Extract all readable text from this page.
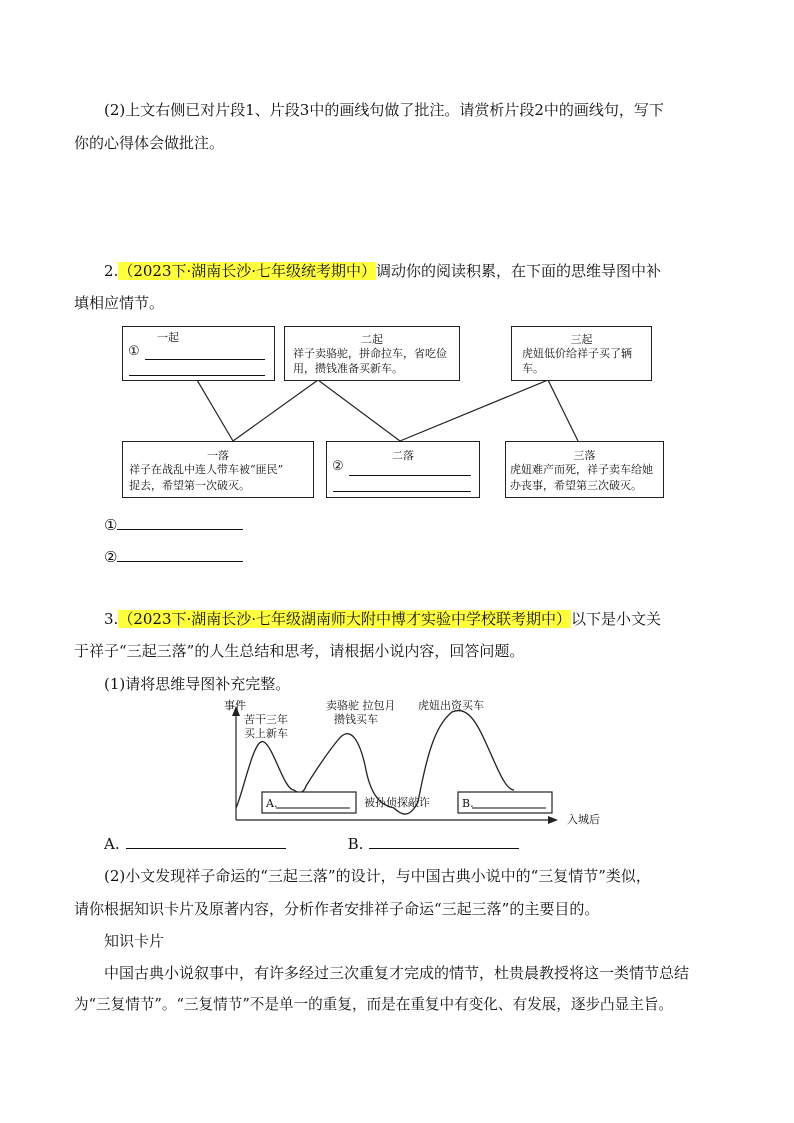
(2)上文右侧已对片段1、片段3中的画线句做了批注。请赏析片段2中的画线句，写下
你的心得体会做批注。
2.（2023下·湖南长沙·七年级统考期中）调动你的阅读积累，在下面的思维导图中补
填相应情节。
一起
①
二起
祥子卖骆驼，拼命拉车，省吃俭
用，攒钱准备买新车。
三起
虎妞低价给祥子买了辆
车。
一落
祥子在战乱中连人带车被“匪民”
捉去，希望第一次破灭。
二落
②
三落
虎妞难产而死，祥子卖车给她
办丧事，希望第三次破灭。
①
②
3.（2023下·湖南长沙·七年级湖南师大附中博才实验中学校联考期中）以下是小文关
于祥子“三起三落”的人生总结和思考，请根据小说内容，回答问题。
(1)请将思维导图补充完整。
事件
入城后
苦干三年
买上新车
卖骆驼 拉包月
攒钱买车
虎妞出资买车
被孙侦探敲诈
A.	B.
A.	B.
(2)小文发现祥子命运的“三起三落”的设计，与中国古典小说中的“三复情节”类似，
请你根据知识卡片及原著内容，分析作者安排祥子命运“三起三落”的主要目的。
知识卡片
中国古典小说叙事中，有许多经过三次重复才完成的情节，杜贵晨教授将这一类情节总结
为“三复情节”。“三复情节”不是单一的重复，而是在重复中有变化、有发展，逐步凸显主旨。
